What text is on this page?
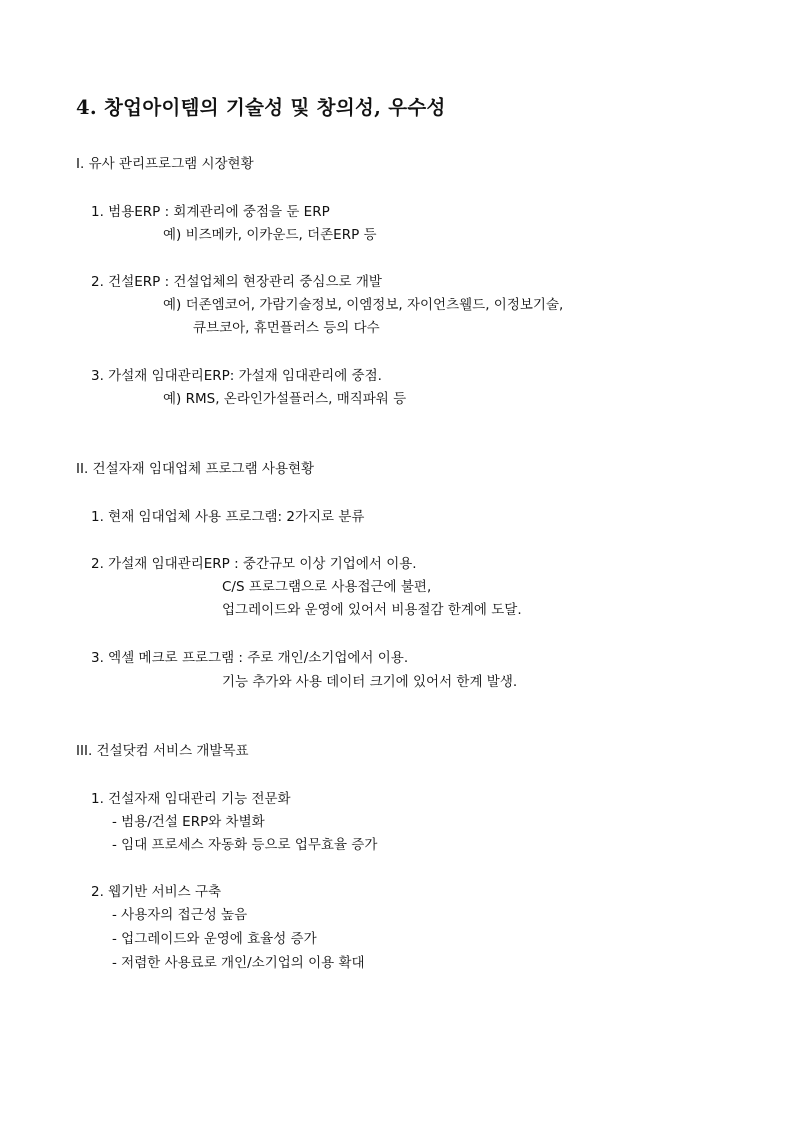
4. 창업아이템의 기술성 및 창의성, 우수성
I. 유사 관리프로그램 시장현황
1. 범용ERP : 회계관리에 중점을 둔 ERP
예) 비즈메카, 이카운드, 더존ERP 등
2. 건설ERP : 건설업체의 현장관리 중심으로 개발
예) 더존엠코어, 가람기술정보, 이엠정보, 자이언츠웰드, 이정보기술,
큐브코아, 휴먼플러스 등의 다수
3. 가설재 임대관리ERP: 가설재 임대관리에 중점.
예) RMS, 온라인가설플러스, 매직파워 등
II. 건설자재 임대업체 프로그램 사용현황
1. 현재 임대업체 사용 프로그램: 2가지로 분류
2. 가설재 임대관리ERP : 중간규모 이상 기업에서 이용.
C/S 프로그램으로 사용접근에 불편,
업그레이드와 운영에 있어서 비용절감 한계에 도달.
3. 엑셀 메크로 프로그램 : 주로 개인/소기업에서 이용.
기능 추가와 사용 데이터 크기에 있어서 한계 발생.
III. 건설닷컴 서비스 개발목표
1. 건설자재 임대관리 기능 전문화
- 범용/건설 ERP와 차별화
- 임대 프로세스 자동화 등으로 업무효율 증가
2. 웹기반 서비스 구축
- 사용자의 접근성 높음
- 업그레이드와 운영에 효율성 증가
- 저렴한 사용료로 개인/소기업의 이용 확대
